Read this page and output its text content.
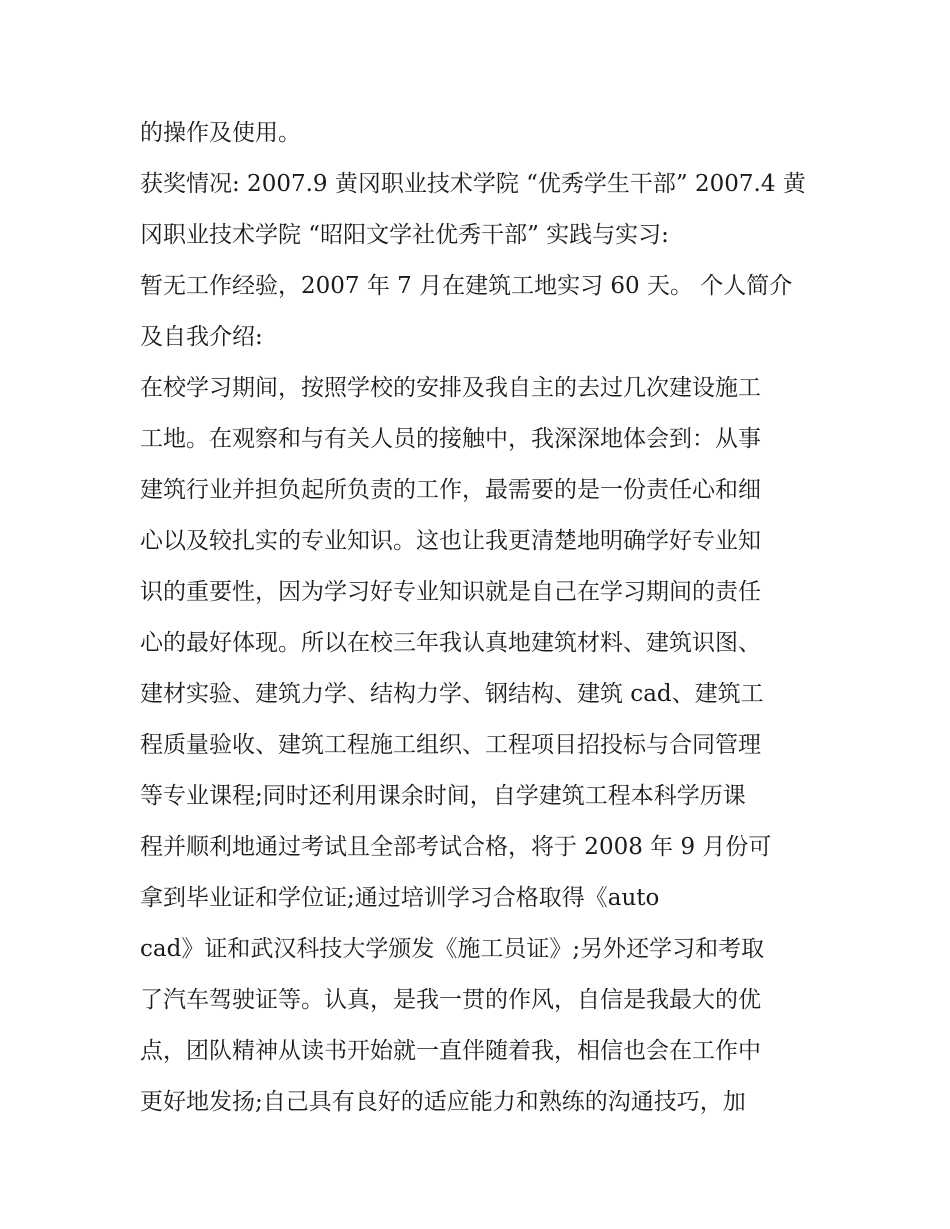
的操作及使用。
获奖情况: 2007.9 黄冈职业技术学院 “优秀学生干部” 2007.4 黄
冈职业技术学院 “昭阳文学社优秀干部” 实践与实习:
暂无工作经验，2007 年 7 月在建筑工地实习 60 天。 个人简介
及自我介绍:
在校学习期间，按照学校的安排及我自主的去过几次建设施工
工地。在观察和与有关人员的接触中，我深深地体会到：从事
建筑行业并担负起所负责的工作，最需要的是一份责任心和细
心以及较扎实的专业知识。这也让我更清楚地明确学好专业知
识的重要性，因为学习好专业知识就是自己在学习期间的责任
心的最好体现。所以在校三年我认真地建筑材料、建筑识图、
建材实验、建筑力学、结构力学、钢结构、建筑 cad、建筑工
程质量验收、建筑工程施工组织、工程项目招投标与合同管理
等专业课程;同时还利用课余时间，自学建筑工程本科学历课
程并顺利地通过考试且全部考试合格，将于 2008 年 9 月份可
拿到毕业证和学位证;通过培训学习合格取得《auto
cad》证和武汉科技大学颁发《施工员证》;另外还学习和考取
了汽车驾驶证等。认真，是我一贯的作风，自信是我最大的优
点，团队精神从读书开始就一直伴随着我，相信也会在工作中
更好地发扬;自己具有良好的适应能力和熟练的沟通技巧，加
